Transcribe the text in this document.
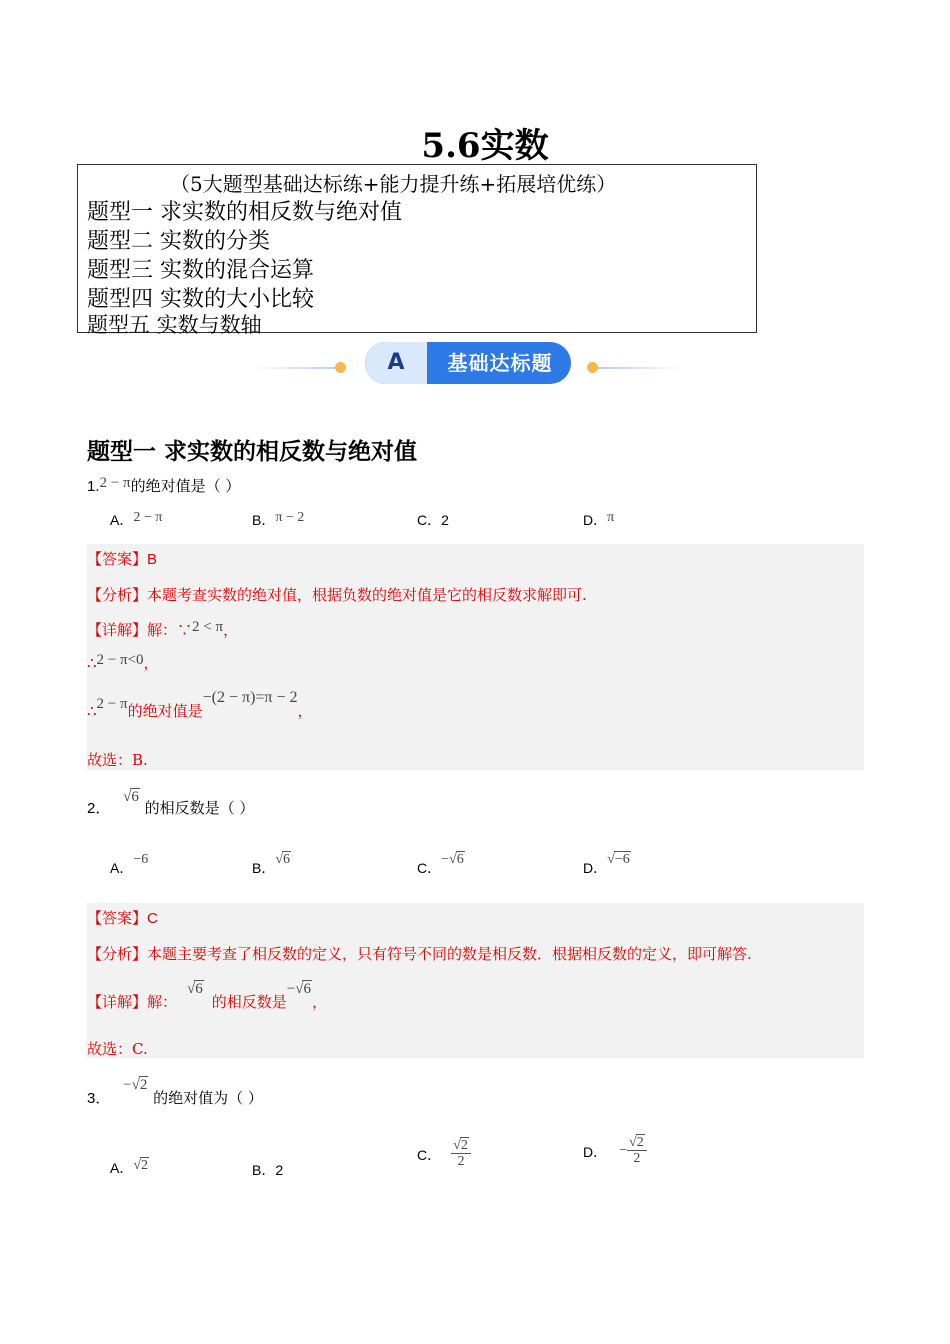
5.6实数
（5大题型基础达标练+能力提升练+拓展培优练）
题型一 求实数的相反数与绝对值
题型二 实数的分类
题型三 实数的混合运算
题型四 实数的大小比较
题型五 实数与数轴
A	基础达标题
题型一 求实数的相反数与绝对值
1.2 − π的绝对值是（ ）
A．2 − π	B．π − 2	C．2	D．π
【答案】B
【分析】本题考查实数的绝对值，根据负数的绝对值是它的相反数求解即可.
【详解】解：∵2 < π，
∴2 − π<0，
∴2 − π的绝对值是−(2 − π)=π − 2，
故选：B.
2． √6 的相反数是（ ）
A．−6
B．√6
C．−√6
D．√−6
【答案】C
【分析】本题主要考查了相反数的定义，只有符号不同的数是相反数．根据相反数的定义，即可解答.
【详解】解：√6的相反数是−√6，
故选：C.
3． −√2 的绝对值为（ ）
A．√2	B．2
C． $\frac{√2}{2}$	D． − $\frac{√2}{2}$
